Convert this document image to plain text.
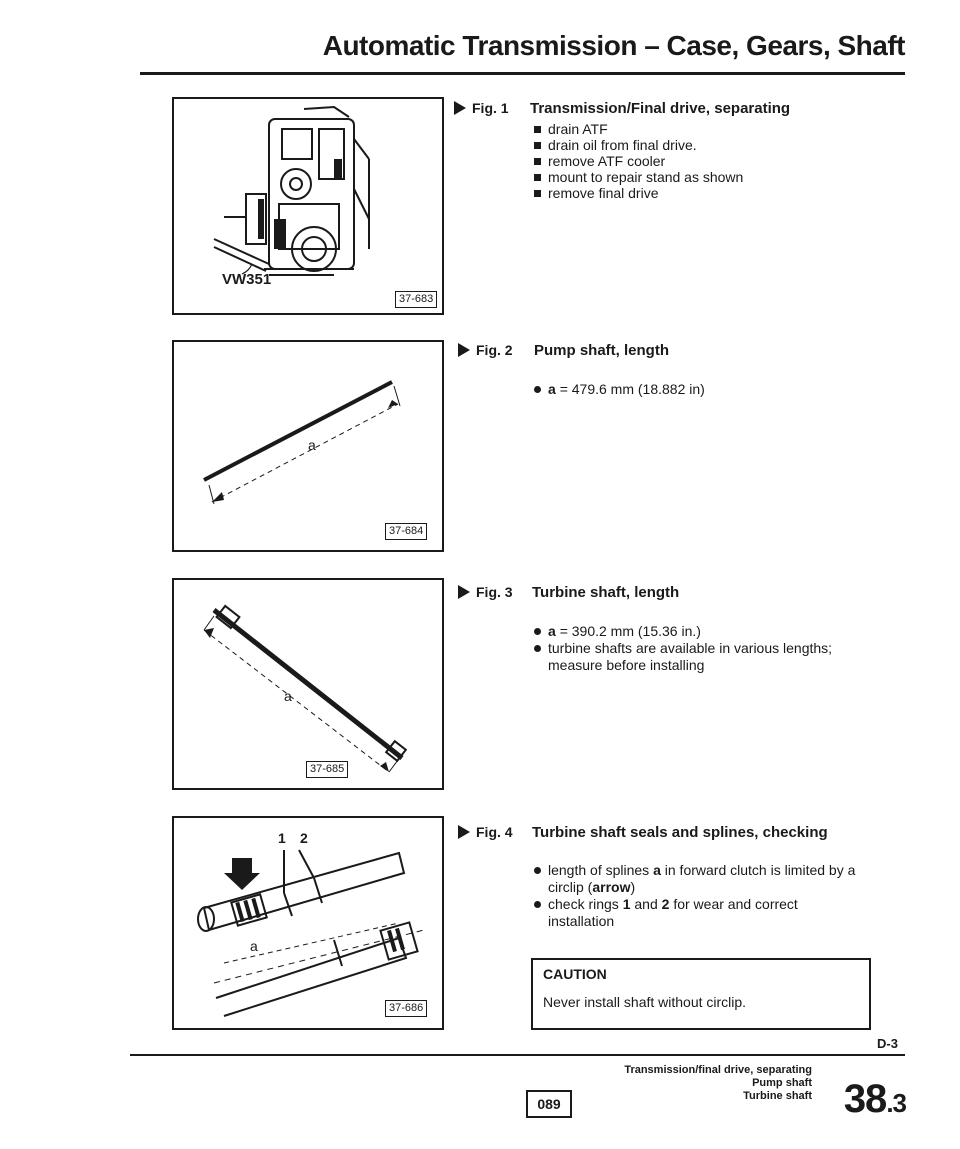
Automatic Transmission – Case, Gears, Shaft
VW351
37-683
Fig. 1 Transmission/Final drive, separating
drain ATF
drain oil from final drive.
remove ATF cooler
mount to repair stand as shown
remove final drive
a
37-684
Fig. 2 Pump shaft, length
a = 479.6 mm (18.882 in)
a
37-685
Fig. 3 Turbine shaft, length
a = 390.2 mm (15.36 in.)
turbine shafts are available in various lengths; measure before installing
1 2
a
37-686
Fig. 4 Turbine shaft seals and splines, checking
length of splines a in forward clutch is limited by a circlip (arrow)
check rings 1 and 2 for wear and correct installation
CAUTION
Never install shaft without circlip.
D-3
089
Transmission/final drive, separating
Pump shaft
Turbine shaft 38.3
